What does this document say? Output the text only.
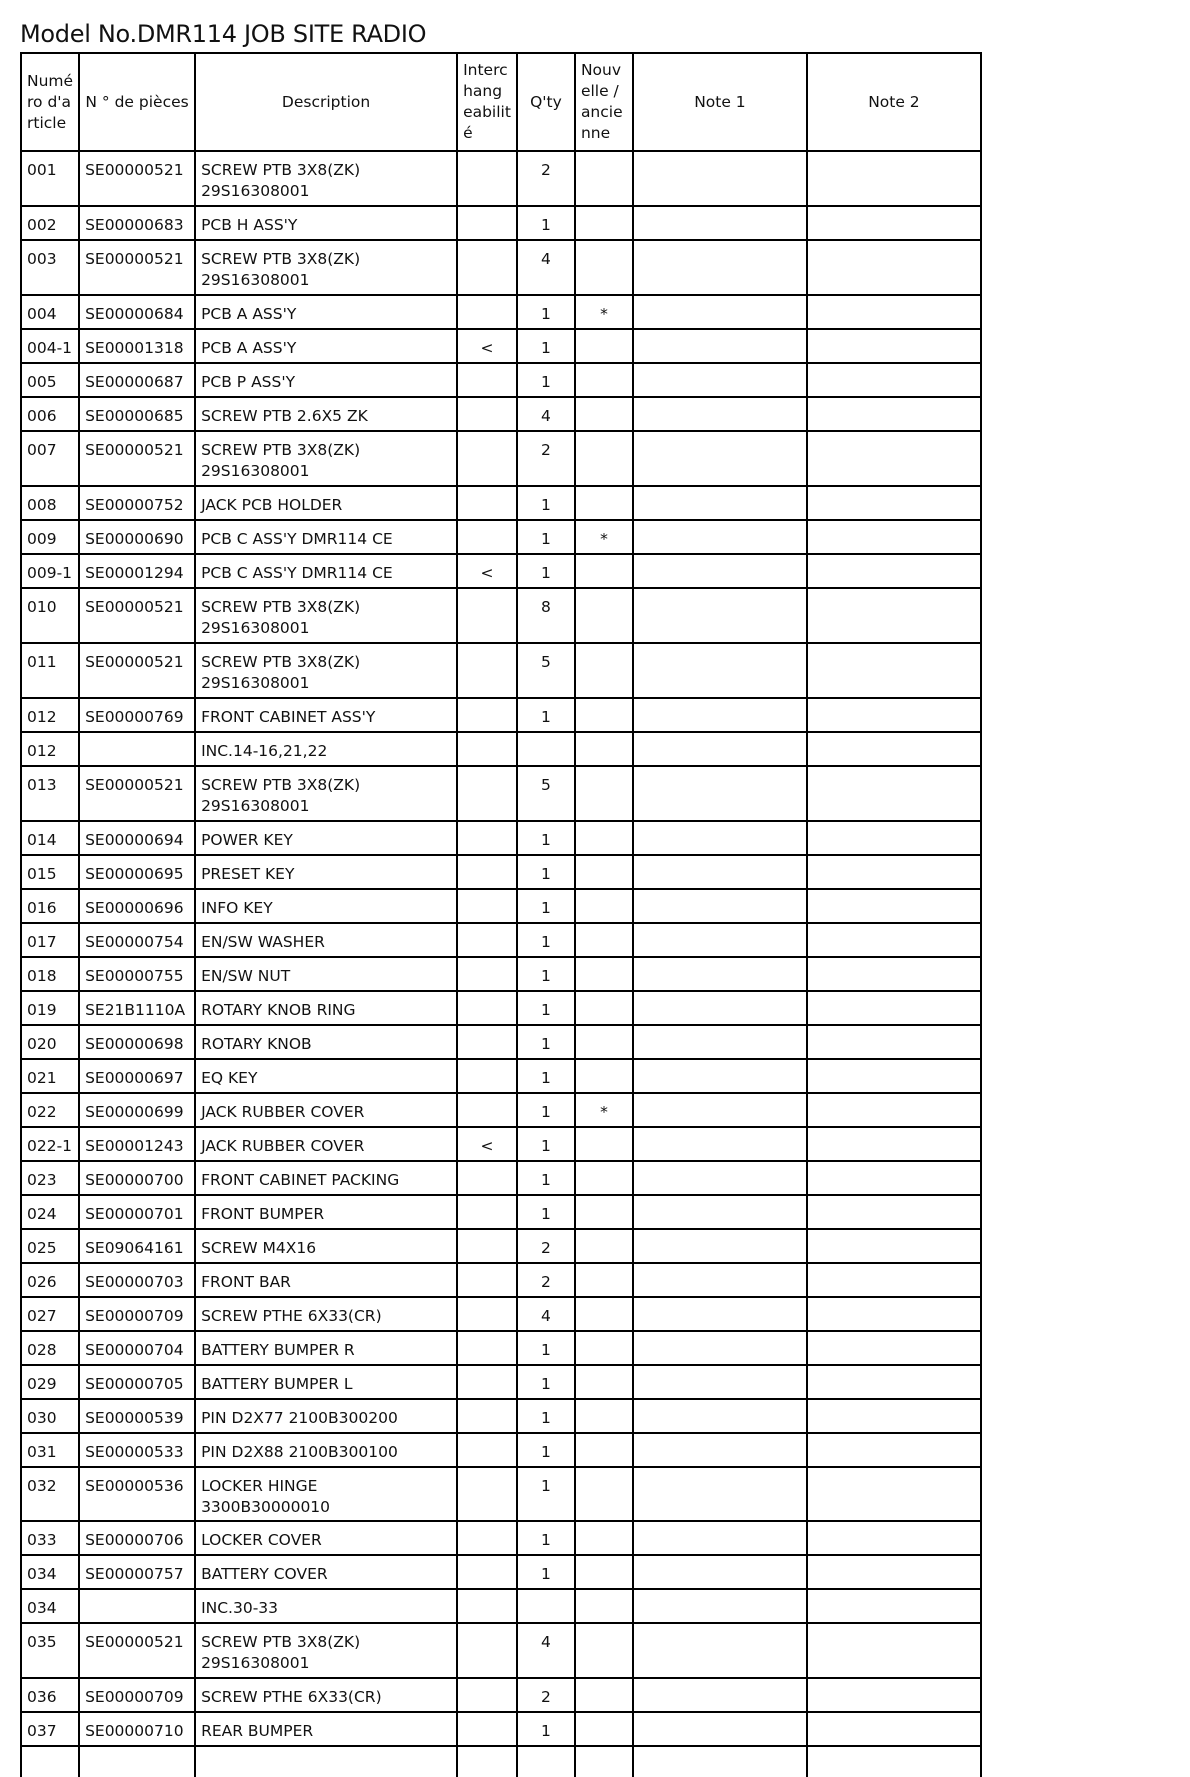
Model No.DMR114 JOB SITE RADIO
Numé ro d'a rticle	N ° de pièces	Description	Interc hang eabilit é	Q'ty	Nouv elle / ancie nne	Note 1	Note 2
001	SE00000521	SCREW PTB 3X8(ZK) 29S16308001		2			
002	SE00000683	PCB H ASS'Y		1			
003	SE00000521	SCREW PTB 3X8(ZK) 29S16308001		4			
004	SE00000684	PCB A ASS'Y		1	*		
004-1	SE00001318	PCB A ASS'Y	<	1			
005	SE00000687	PCB P ASS'Y		1			
006	SE00000685	SCREW PTB 2.6X5 ZK		4			
007	SE00000521	SCREW PTB 3X8(ZK) 29S16308001		2			
008	SE00000752	JACK PCB HOLDER		1			
009	SE00000690	PCB C ASS'Y DMR114 CE		1	*		
009-1	SE00001294	PCB C ASS'Y DMR114 CE	<	1			
010	SE00000521	SCREW PTB 3X8(ZK) 29S16308001		8			
011	SE00000521	SCREW PTB 3X8(ZK) 29S16308001		5			
012	SE00000769	FRONT CABINET ASS'Y		1			
012		INC.14-16,21,22					
013	SE00000521	SCREW PTB 3X8(ZK) 29S16308001		5			
014	SE00000694	POWER KEY		1			
015	SE00000695	PRESET KEY		1			
016	SE00000696	INFO KEY		1			
017	SE00000754	EN/SW WASHER		1			
018	SE00000755	EN/SW NUT		1			
019	SE21B1110A	ROTARY KNOB RING		1			
020	SE00000698	ROTARY KNOB		1			
021	SE00000697	EQ KEY		1			
022	SE00000699	JACK RUBBER COVER		1	*		
022-1	SE00001243	JACK RUBBER COVER	<	1			
023	SE00000700	FRONT CABINET PACKING		1			
024	SE00000701	FRONT BUMPER		1			
025	SE09064161	SCREW M4X16		2			
026	SE00000703	FRONT BAR		2			
027	SE00000709	SCREW PTHE 6X33(CR)		4			
028	SE00000704	BATTERY BUMPER R		1			
029	SE00000705	BATTERY BUMPER L		1			
030	SE00000539	PIN D2X77 2100B300200		1			
031	SE00000533	PIN D2X88 2100B300100		1			
032	SE00000536	LOCKER HINGE 3300B30000010		1			
033	SE00000706	LOCKER COVER		1			
034	SE00000757	BATTERY COVER		1			
034		INC.30-33					
035	SE00000521	SCREW PTB 3X8(ZK) 29S16308001		4			
036	SE00000709	SCREW PTHE 6X33(CR)		2			
037	SE00000710	REAR BUMPER		1			
